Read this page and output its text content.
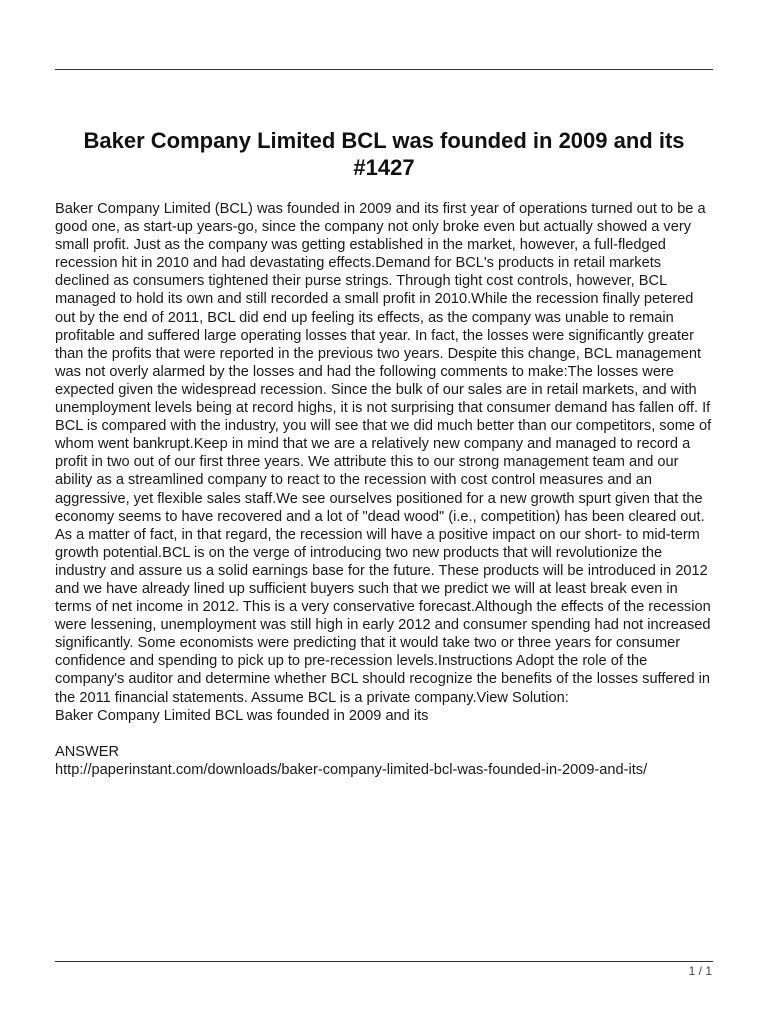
Baker Company Limited BCL was founded in 2009 and its #1427

Baker Company Limited (BCL) was founded in 2009 and its first year of operations turned out to be a good one, as start-up years-go, since the company not only broke even but actually showed a very small profit. Just as the company was getting established in the market, however, a full-fledged recession hit in 2010 and had devastating effects.Demand for BCL's products in retail markets declined as consumers tightened their purse strings. Through tight cost controls, however, BCL managed to hold its own and still recorded a small profit in 2010.While the recession finally petered out by the end of 2011, BCL did end up feeling its effects, as the company was unable to remain profitable and suffered large operating losses that year. In fact, the losses were significantly greater than the profits that were reported in the previous two years. Despite this change, BCL management was not overly alarmed by the losses and had the following comments to make:The losses were expected given the widespread recession. Since the bulk of our sales are in retail markets, and with unemployment levels being at record highs, it is not surprising that consumer demand has fallen off. If BCL is compared with the industry, you will see that we did much better than our competitors, some of whom went bankrupt.Keep in mind that we are a relatively new company and managed to record a profit in two out of our first three years. We attribute this to our strong management team and our ability as a streamlined company to react to the recession with cost control measures and an aggressive, yet flexible sales staff.We see ourselves positioned for a new growth spurt given that the economy seems to have recovered and a lot of "dead wood" (i.e., competition) has been cleared out. As a matter of fact, in that regard, the recession will have a positive impact on our short- to mid-term growth potential.BCL is on the verge of introducing two new products that will revolutionize the industry and assure us a solid earnings base for the future. These products will be introduced in 2012 and we have already lined up sufficient buyers such that we predict we will at least break even in terms of net income in 2012. This is a very conservative forecast.Although the effects of the recession were lessening, unemployment was still high in early 2012 and consumer spending had not increased significantly. Some economists were predicting that it would take two or three years for consumer confidence and spending to pick up to pre-recession levels.Instructions Adopt the role of the company's auditor and determine whether BCL should recognize the benefits of the losses suffered in the 2011 financial statements. Assume BCL is a private company.View Solution:

Baker Company Limited BCL was founded in 2009 and its

ANSWER

http://paperinstant.com/downloads/baker-company-limited-bcl-was-founded-in-2009-and-its/

1 / 1
